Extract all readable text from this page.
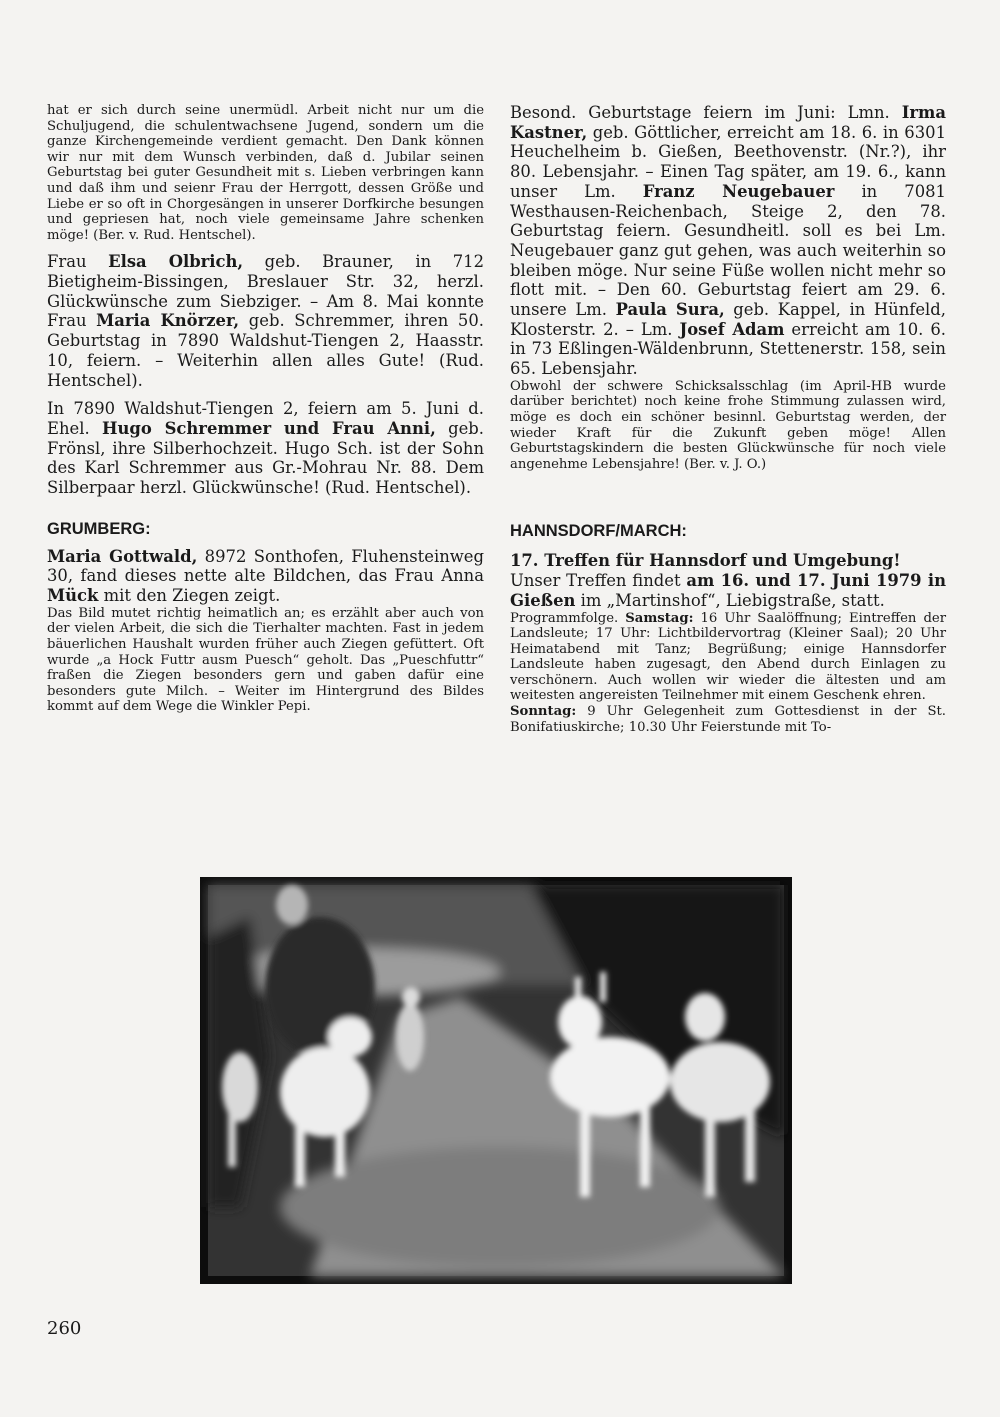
hat er sich durch seine unermüdl. Arbeit nicht nur um die Schuljugend, die schulentwachsene Jugend, sondern um die ganze Kirchengemeinde verdient gemacht. Den Dank können wir nur mit dem Wunsch verbinden, daß d. Jubilar seinen Geburtstag bei guter Gesundheit mit s. Lieben verbringen kann und daß ihm und seienr Frau der Herrgott, dessen Größe und Liebe er so oft in Chorgesängen in unserer Dorfkirche besungen und gepriesen hat, noch viele gemeinsame Jahre schenken möge! (Ber. v. Rud. Hentschel).

Frau Elsa Olbrich, geb. Brauner, in 712 Bietigheim-Bissingen, Breslauer Str. 32, herzl. Glückwünsche zum Siebziger. – Am 8. Mai konnte Frau Maria Knörzer, geb. Schremmer, ihren 50. Geburtstag in 7890 Waldshut-Tiengen 2, Haasstr. 10, feiern. – Weiterhin allen alles Gute! (Rud. Hentschel).

In 7890 Waldshut-Tiengen 2, feiern am 5. Juni d. Ehel. Hugo Schremmer und Frau Anni, geb. Frönsl, ihre Silberhochzeit. Hugo Sch. ist der Sohn des Karl Schremmer aus Gr.-Mohrau Nr. 88. Dem Silberpaar herzl. Glückwünsche! (Rud. Hentschel).

GRUMBERG:

Maria Gottwald, 8972 Sonthofen, Fluhensteinweg 30, fand dieses nette alte Bildchen, das Frau Anna Mück mit den Ziegen zeigt.

Das Bild mutet richtig heimatlich an; es erzählt aber auch von der vielen Arbeit, die sich die Tierhalter machten. Fast in jedem bäuerlichen Haushalt wurden früher auch Ziegen gefüttert. Oft wurde „a Hock Futtr ausm Puesch“ geholt. Das „Pueschfuttr“ fraßen die Ziegen besonders gern und gaben dafür eine besonders gute Milch. – Weiter im Hintergrund des Bildes kommt auf dem Wege die Winkler Pepi.

Besond. Geburtstage feiern im Juni: Lmn. Irma Kastner, geb. Göttlicher, erreicht am 18. 6. in 6301 Heuchelheim b. Gießen, Beethovenstr. (Nr.?), ihr 80. Lebensjahr. – Einen Tag später, am 19. 6., kann unser Lm. Franz Neugebauer in 7081 Westhausen-Reichenbach, Steige 2, den 78. Geburtstag feiern. Gesundheitl. soll es bei Lm. Neugebauer ganz gut gehen, was auch weiterhin so bleiben möge. Nur seine Füße wollen nicht mehr so flott mit. – Den 60. Geburtstag feiert am 29. 6. unsere Lm. Paula Sura, geb. Kappel, in Hünfeld, Klosterstr. 2. – Lm. Josef Adam erreicht am 10. 6. in 73 Eßlingen-Wäldenbrunn, Stettenerstr. 158, sein 65. Lebensjahr.

Obwohl der schwere Schicksalsschlag (im April-HB wurde darüber berichtet) noch keine frohe Stimmung zulassen wird, möge es doch ein schöner besinnl. Geburtstag werden, der wieder Kraft für die Zukunft geben möge! Allen Geburtstagskindern die besten Glückwünsche für noch viele angenehme Lebensjahre! (Ber. v. J. O.)

HANNSDORF/MARCH:

17. Treffen für Hannsdorf und Umgebung!

Unser Treffen findet am 16. und 17. Juni 1979 in Gießen im „Martinshof“, Liebigstraße, statt.

Programmfolge. Samstag: 16 Uhr Saalöffnung; Eintreffen der Landsleute; 17 Uhr: Lichtbildervortrag (Kleiner Saal); 20 Uhr Heimatabend mit Tanz; Begrüßung; einige Hannsdorfer Landsleute haben zugesagt, den Abend durch Einlagen zu verschönern. Auch wollen wir wieder die ältesten und am weitesten angereisten Teilnehmer mit einem Geschenk ehren.

Sonntag: 9 Uhr Gelegenheit zum Gottesdienst in der St. Bonifatiuskirche; 10.30 Uhr Feierstunde mit To-

260
